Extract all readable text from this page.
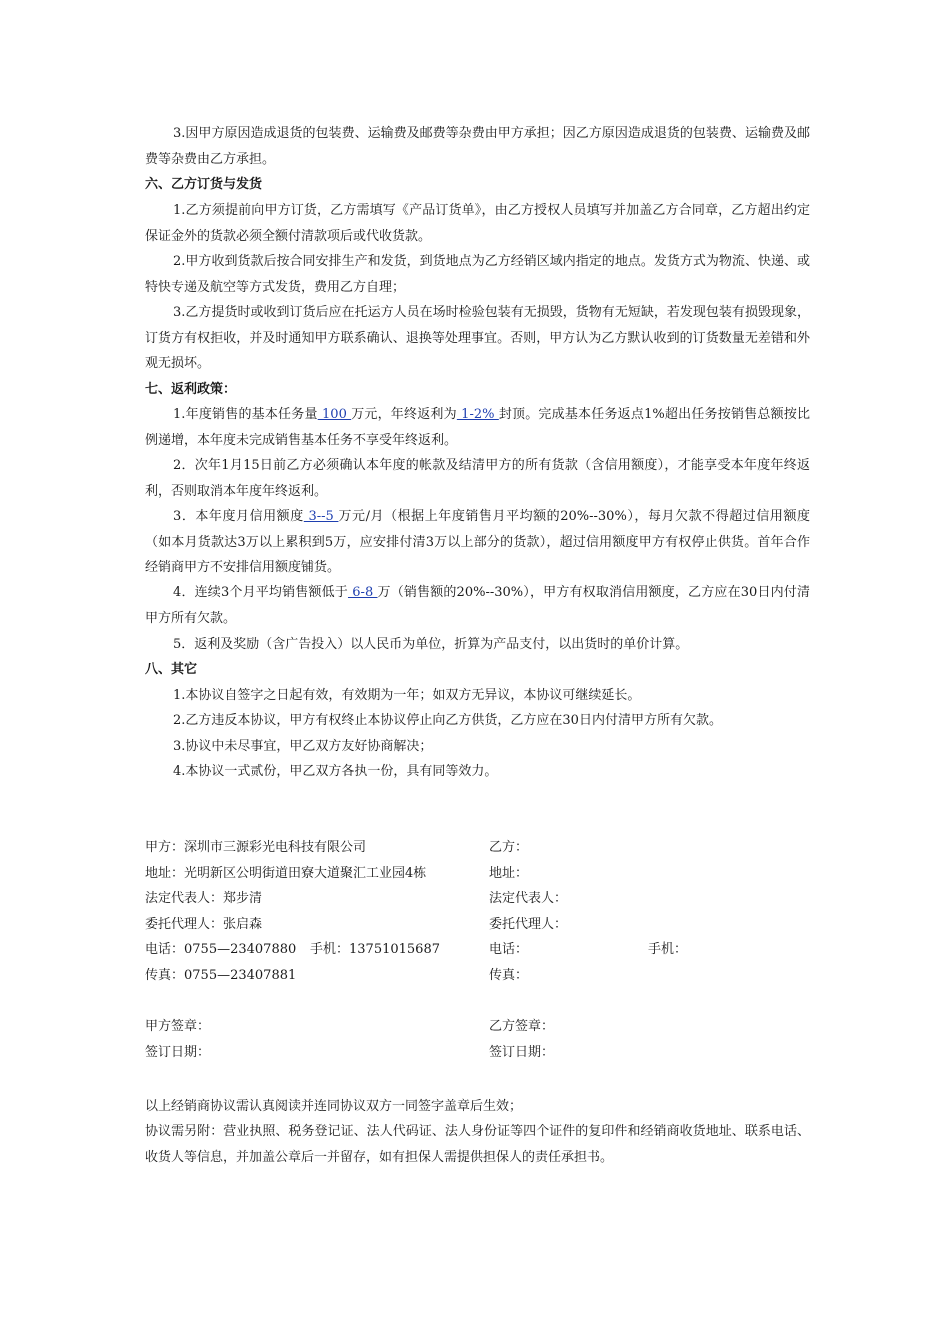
3.因甲方原因造成退货的包装费、运输费及邮费等杂费由甲方承担；因乙方原因造成退货的包装费、运输费及邮费等杂费由乙方承担。

六、乙方订货与发货

1.乙方须提前向甲方订货，乙方需填写《产品订货单》，由乙方授权人员填写并加盖乙方合同章，乙方超出约定保证金外的货款必须全额付清款项后或代收货款。

2.甲方收到货款后按合同安排生产和发货，到货地点为乙方经销区域内指定的地点。发货方式为物流、快递、或特快专递及航空等方式发货，费用乙方自理；

3.乙方提货时或收到订货后应在托运方人员在场时检验包装有无损毁，货物有无短缺，若发现包装有损毁现象，订货方有权拒收，并及时通知甲方联系确认、退换等处理事宜。否则，甲方认为乙方默认收到的订货数量无差错和外观无损坏。

七、返利政策：

1.年度销售的基本任务量 100 万元，年终返利为 1-2% 封顶。完成基本任务返点1%超出任务按销售总额按比例递增，本年度未完成销售基本任务不享受年终返利。

2．次年1月15日前乙方必须确认本年度的帐款及结清甲方的所有货款（含信用额度），才能享受本年度年终返利，否则取消本年度年终返利。

3．本年度月信用额度 3--5 万元/月（根据上年度销售月平均额的20%--30%），每月欠款不得超过信用额度（如本月货款达3万以上累积到5万，应安排付清3万以上部分的货款），超过信用额度甲方有权停止供货。首年合作经销商甲方不安排信用额度铺货。

4．连续3个月平均销售额低于 6-8 万（销售额的20%--30%），甲方有权取消信用额度，乙方应在30日内付清甲方所有欠款。

5．返利及奖励（含广告投入）以人民币为单位，折算为产品支付，以出货时的单价计算。

八、其它

1.本协议自签字之日起有效，有效期为一年；如双方无异议，本协议可继续延长。

2.乙方违反本协议，甲方有权终止本协议停止向乙方供货，乙方应在30日内付清甲方所有欠款。

3.协议中未尽事宜，甲乙双方友好协商解决；

4.本协议一式贰份，甲乙双方各执一份，具有同等效力。

甲方：深圳市三源彩光电科技有限公司	乙方：

地址：光明新区公明街道田寮大道聚汇工业园4栋	地址：

法定代表人：郑步清	法定代表人：

委托代理人：张启森	委托代理人：

电话：0755—23407880 手机：13751015687	电话：	手机：

传真：0755—23407881	传真：

甲方签章：	乙方签章：

签订日期：	签订日期：

以上经销商协议需认真阅读并连同协议双方一同签字盖章后生效；

协议需另附：营业执照、税务登记证、法人代码证、法人身份证等四个证件的复印件和经销商收货地址、联系电话、收货人等信息，并加盖公章后一并留存，如有担保人需提供担保人的责任承担书。
